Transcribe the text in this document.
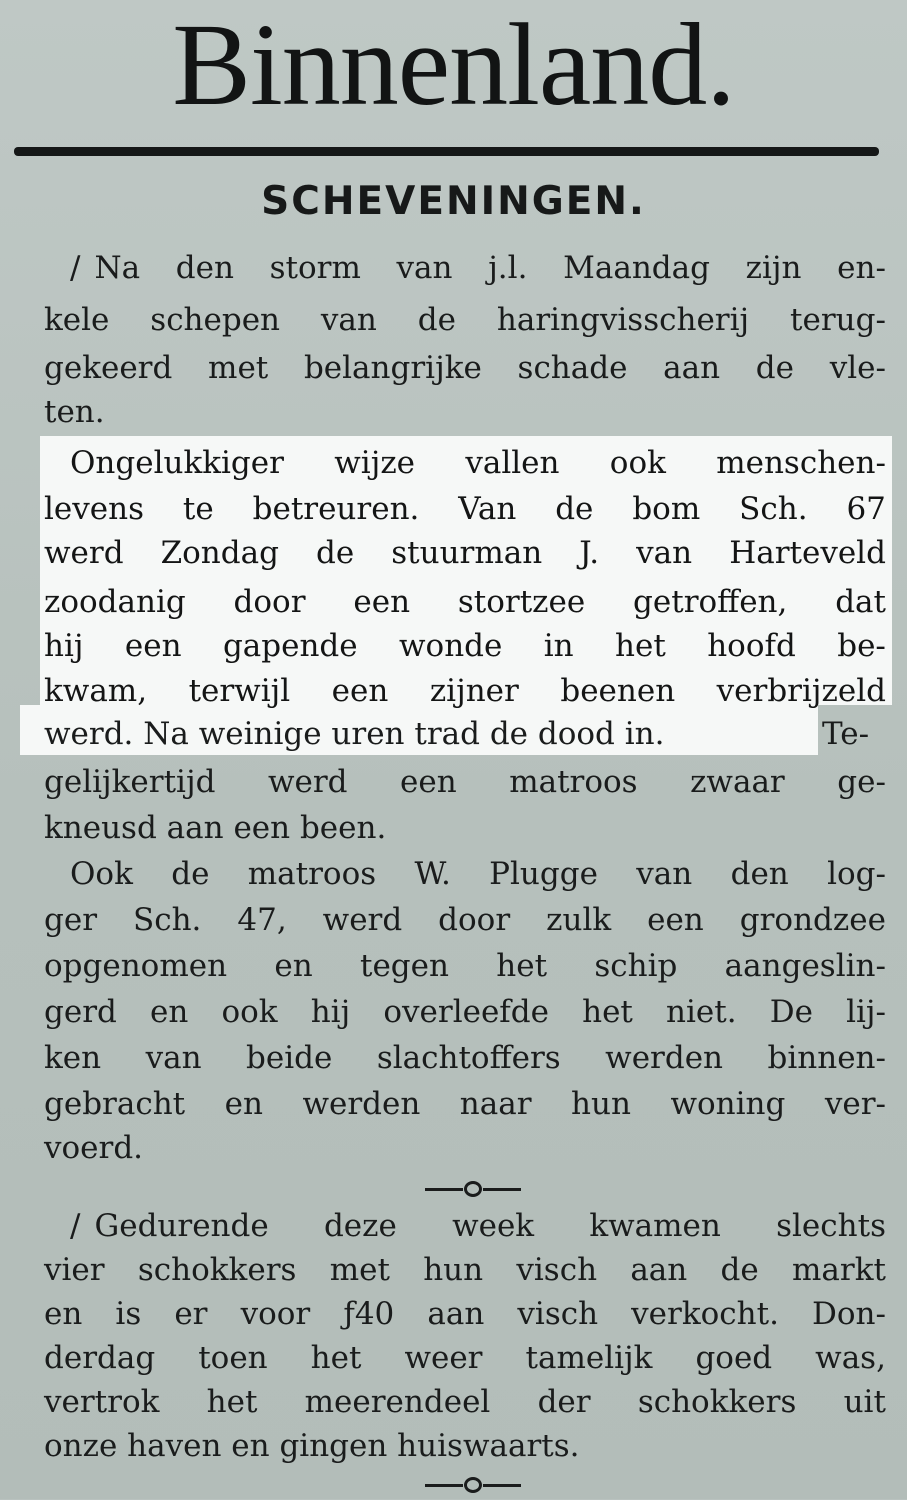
Binnenland.
SCHEVENINGEN.
/ Na den storm van j.l. Maandag zijn en-
kele schepen van de haringvisscherij terug-
gekeerd met belangrijke schade aan de vle-
ten.
Ongelukkiger wijze vallen ook menschen-
levens te betreuren. Van de bom Sch. 67
werd Zondag de stuurman J. van Harteveld
zoodanig door een stortzee getroffen, dat
hij een gapende wonde in het hoofd be-
kwam, terwijl een zijner beenen verbrijzeld
werd. Na weinige uren trad de dood in.	Te-
gelijkertijd werd een matroos zwaar ge-
kneusd aan een been.
Ook de matroos W. Plugge van den log-
ger Sch. 47, werd door zulk een grondzee
opgenomen en tegen het schip aangeslin-
gerd en ook hij overleefde het niet. De lij-
ken van beide slachtoffers werden binnen-
gebracht en werden naar hun woning ver-
voerd.
/ Gedurende deze week kwamen slechts
vier schokkers met hun visch aan de markt
en is er voor ƒ40 aan visch verkocht. Don-
derdag toen het weer tamelijk goed was,
vertrok het meerendeel der schokkers uit
onze haven en gingen huiswaarts.
